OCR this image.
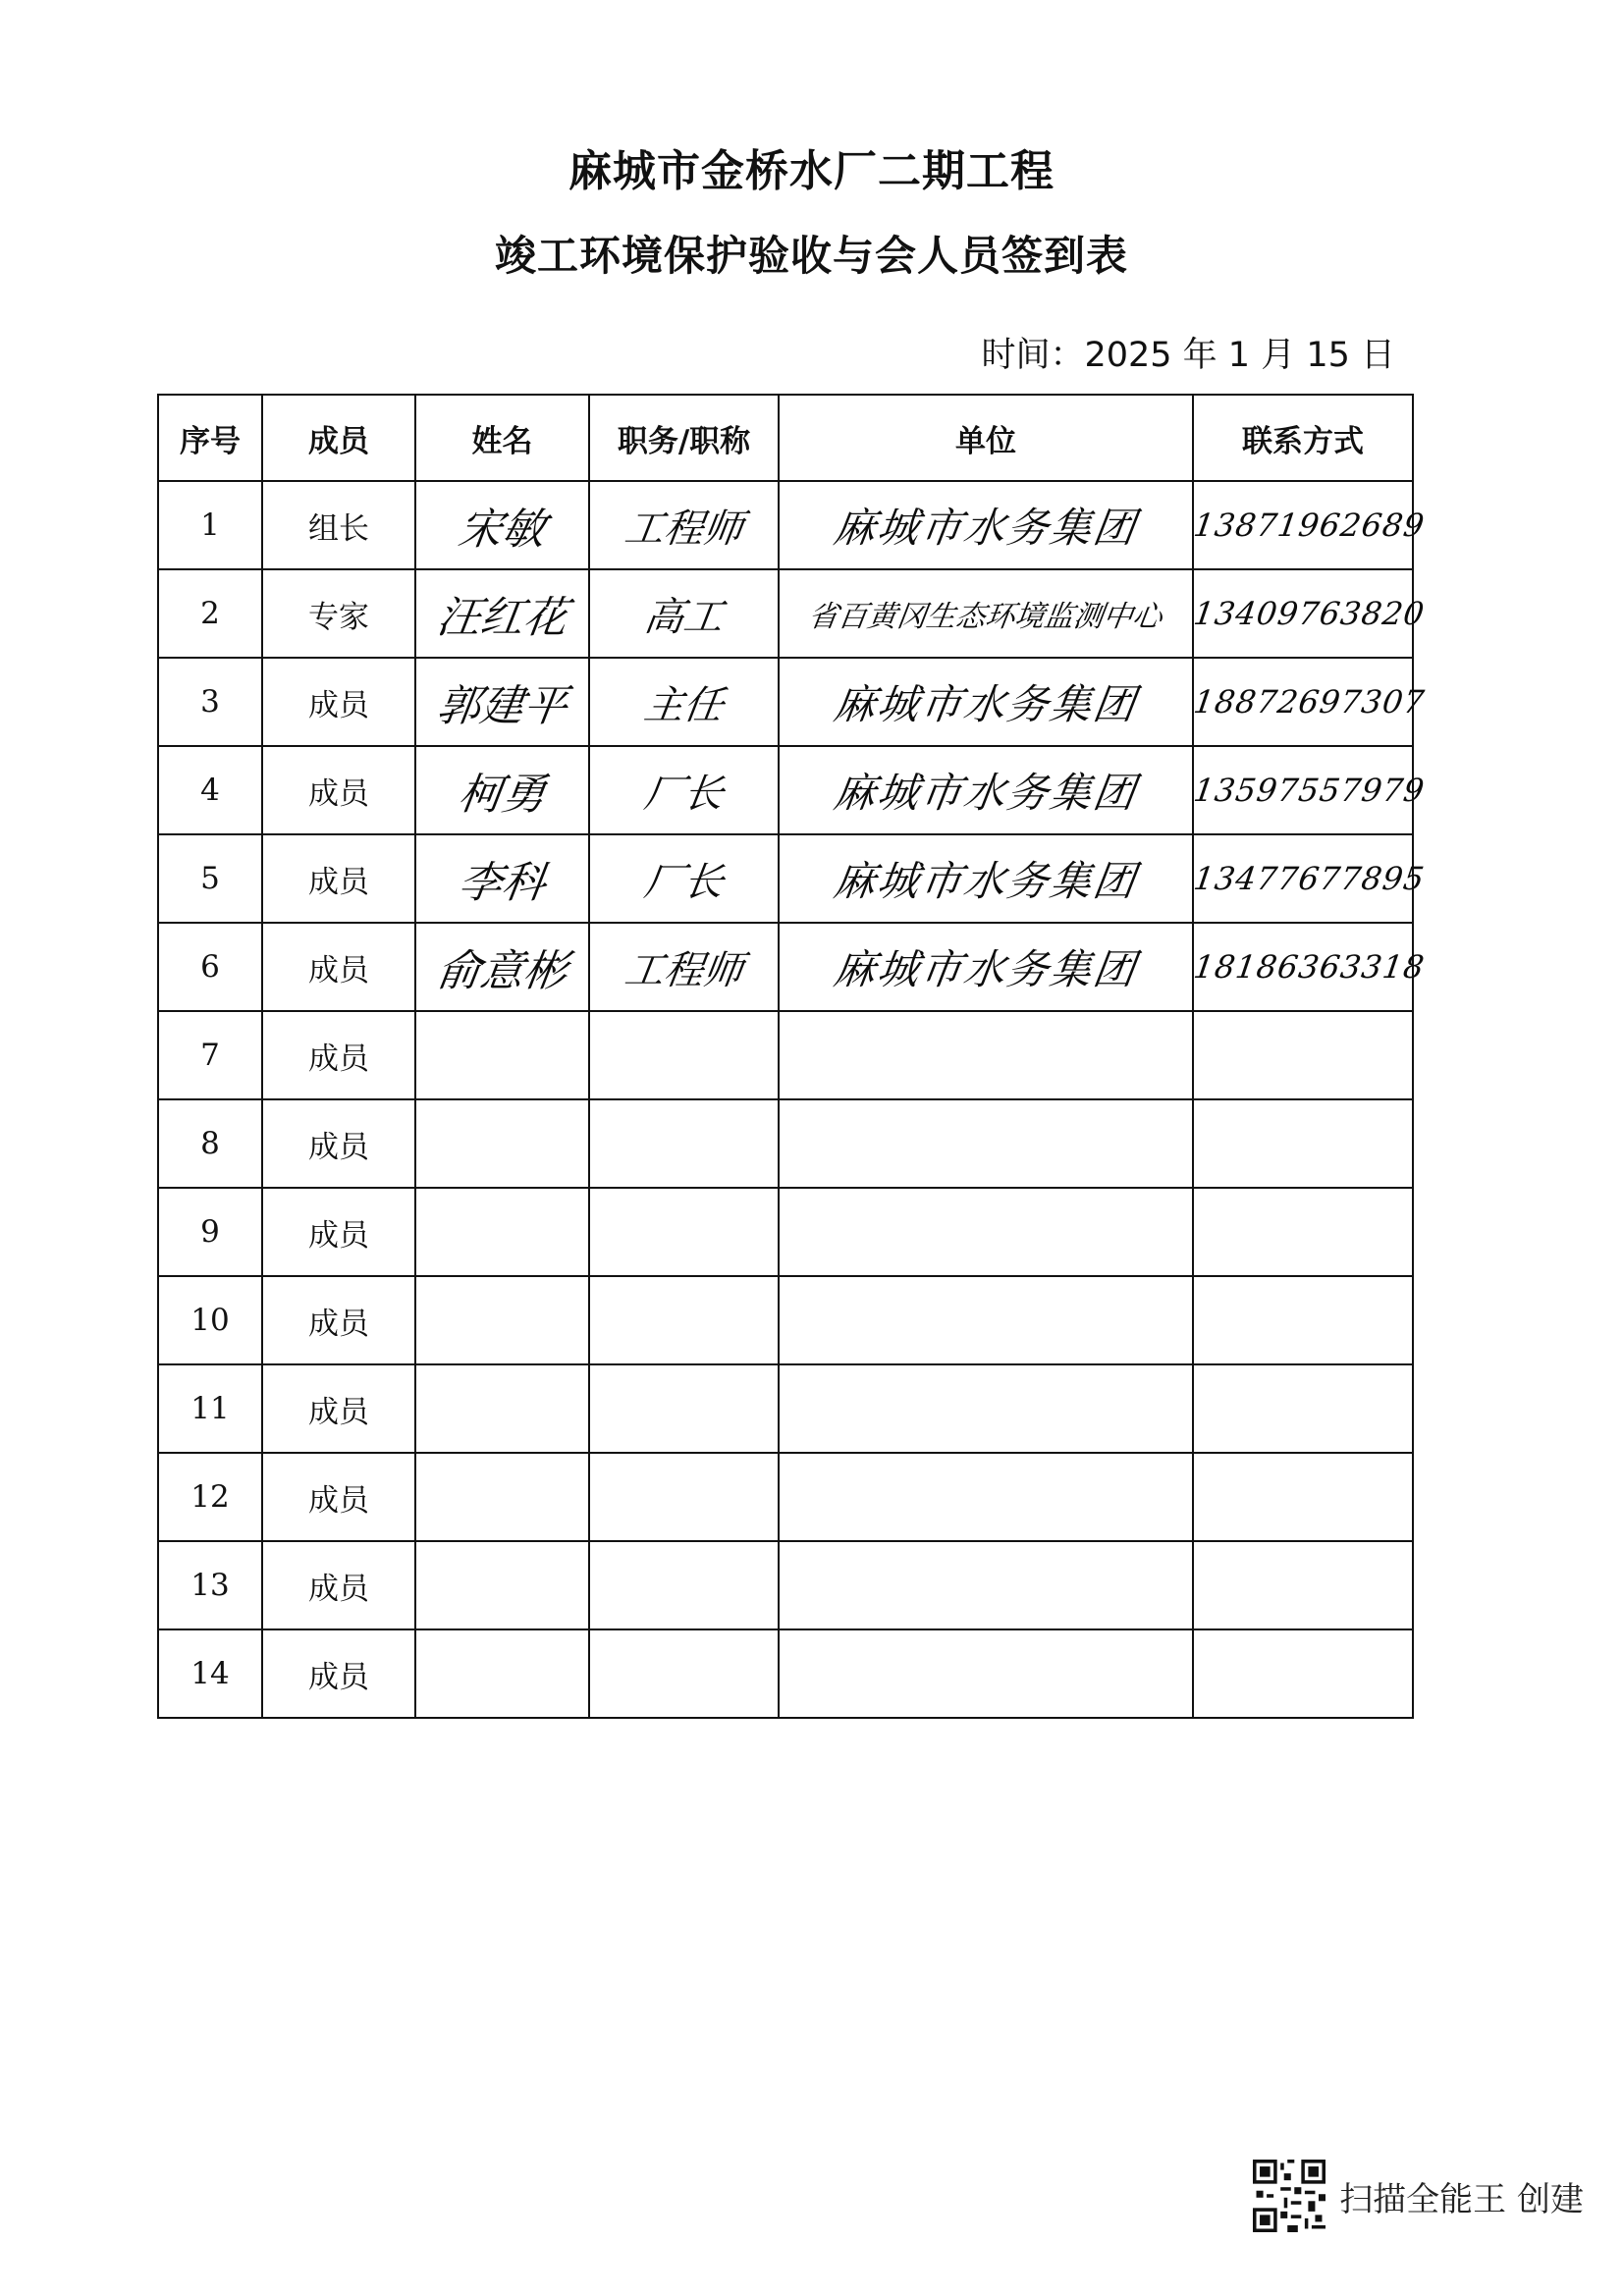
麻城市金桥水厂二期工程
竣工环境保护验收与会人员签到表
时间：2025 年 1 月 15 日
序号	成员	姓名	职务/职称	单位	联系方式
1	组长	宋敏	工程师	麻城市水务集团	13871962689
2	专家	汪红花	高工	省百黄冈生态环境监测中心	13409763820
3	成员	郭建平	主任	麻城市水务集团	18872697307
4	成员	柯勇	厂长	麻城市水务集团	13597557979
5	成员	李科	厂长	麻城市水务集团	13477677895
6	成员	俞意彬	工程师	麻城市水务集团	18186363318
7	成员				
8	成员				
9	成员				
10	成员				
11	成员				
12	成员				
13	成员				
14	成员				
扫描全能王 创建
